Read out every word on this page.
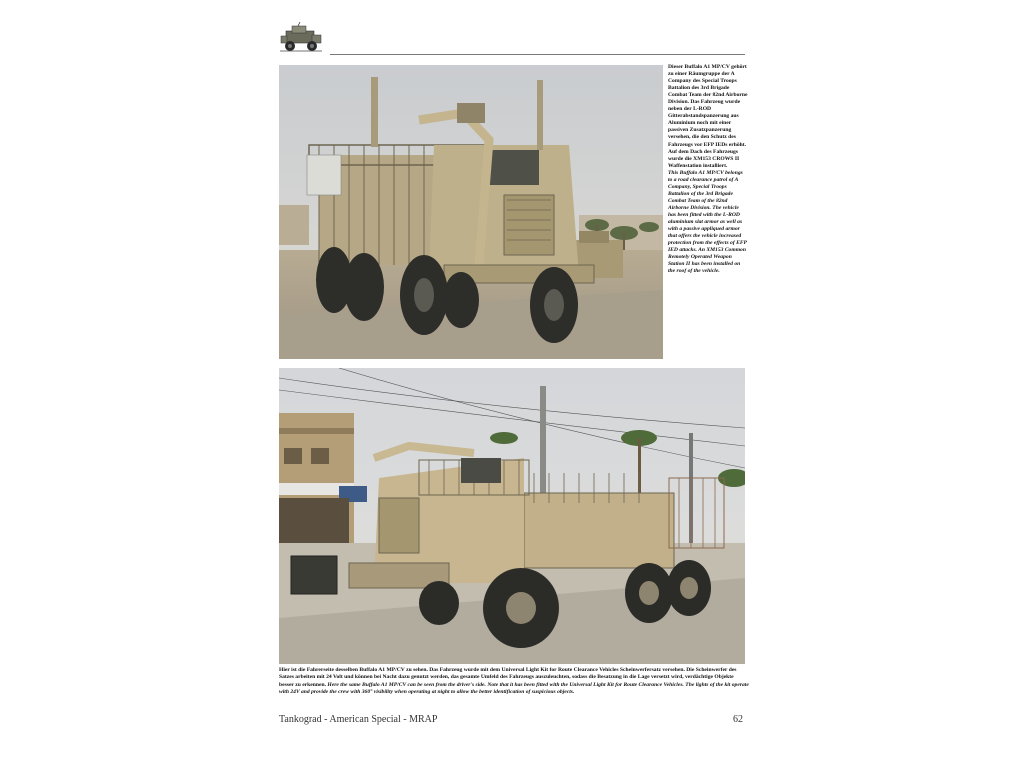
Dieser Buffalo A1 MP/CV gehört zu einer Räumgruppe der A Company des Special Troops Battalion des 3rd Brigade Combat Team der 82nd Airborne Division. Das Fahrzeug wurde neben der L-ROD Gitterabstandspanzerung aus Aluminium noch mit einer passiven Zusatzpanzerung versehen, die den Schutz des Fahrzeugs vor EFP IEDs erhöht. Auf dem Dach des Fahrzeugs wurde die XM153 CROWS II Waffenstation installiert.
This Buffalo A1 MP/CV belongs to a road clearance patrol of A Company, Special Troops Battalion of the 3rd Brigade Combat Team of the 82nd Airborne Division. The vehicle has been fitted with the L-ROD aluminium slat armor as well as with a passive appliqued armor that offers the vehicle increased protection from the effects of EFP IED attacks. An XM153 Common Remotely Operated Weapon Station II has been installed on the roof of the vehicle.
Hier ist die Fahrerseite desselben Buffalo A1 MP/CV zu sehen. Das Fahrzeug wurde mit dem Universal Light Kit for Route Clearance Vehicles Scheinwerfersatz versehen. Die Scheinwerfer des Satzes arbeiten mit 24 Volt und können bei Nacht dazu genutzt werden, das gesamte Umfeld des Fahrzeugs auszuleuchten, sodass die Besatzung in die Lage versetzt wird, verdächtige Objekte besser zu erkennen. Here the same Buffalo A1 MP/CV can be seen from the driver's side. Note that it has been fitted with the Universal Light Kit for Route Clearance Vehicles. The lights of the kit operate with 24V and provide the crew with 360° visibility when operating at night to allow the better identification of suspicious objects.
Tankograd - American Special - MRAP	62
